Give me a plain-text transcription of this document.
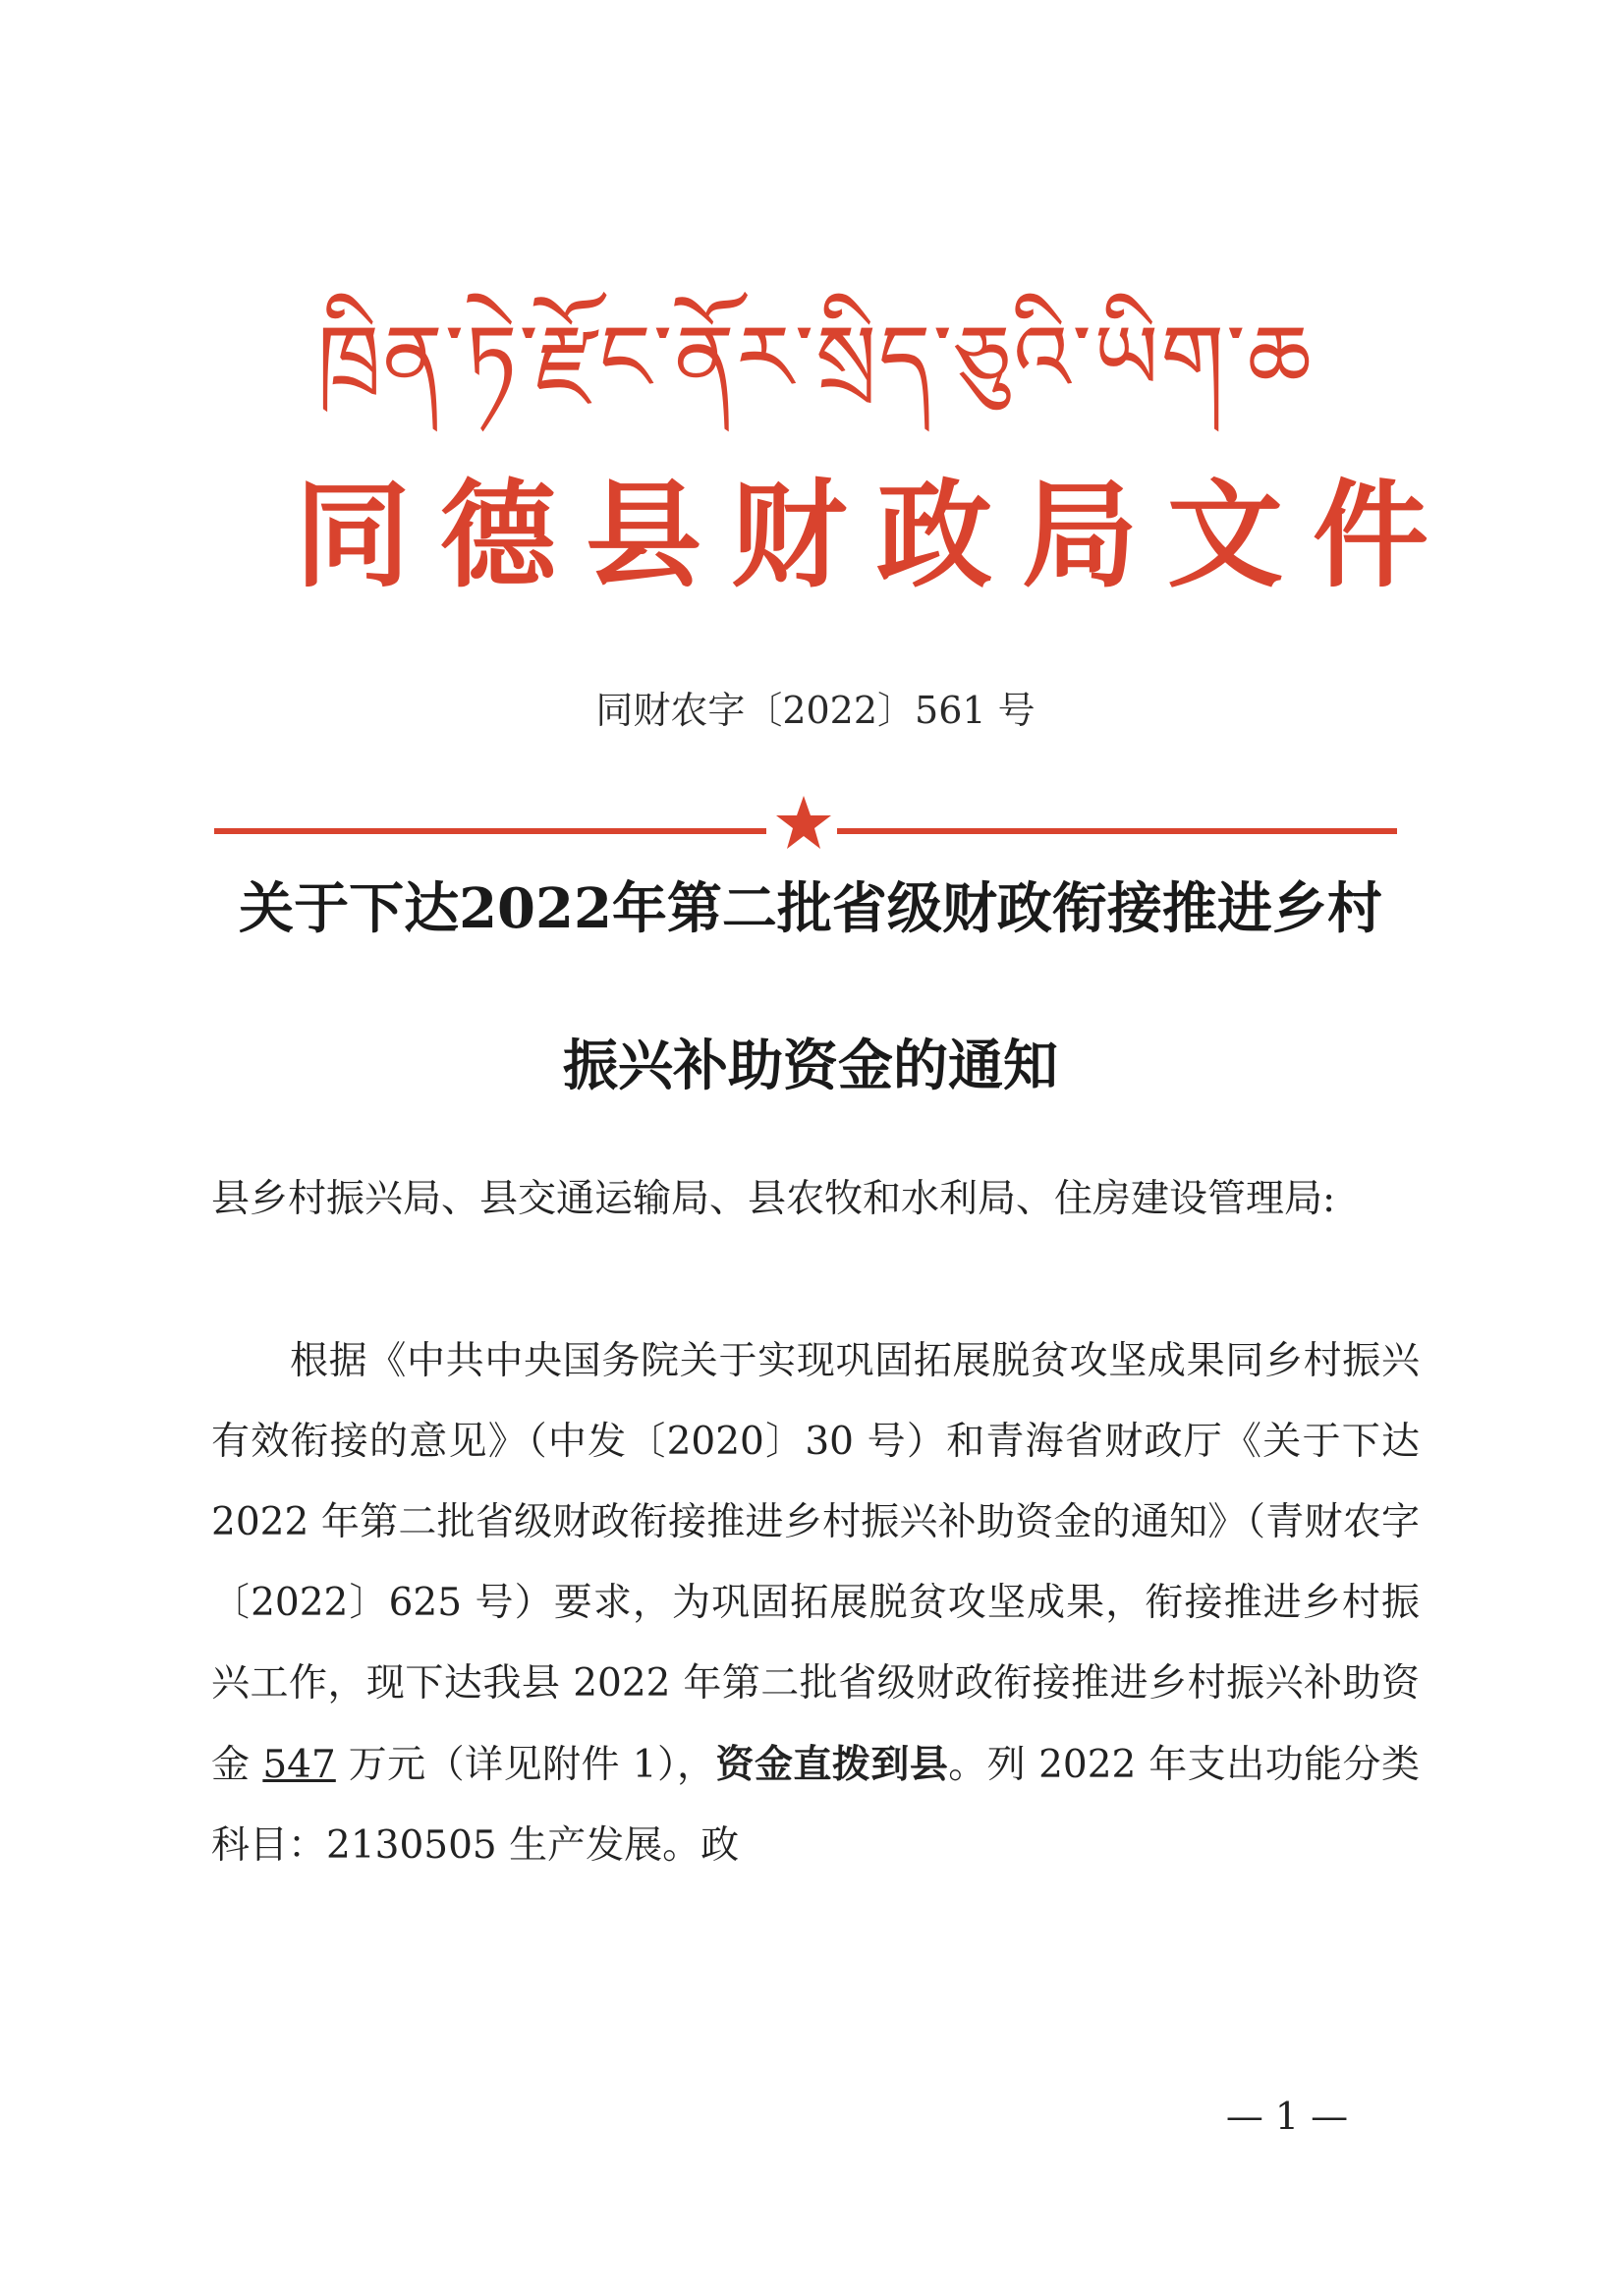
ཁྲིན་ཏེ་རྫོང་ནོར་སྲིད་ཅུའི་ཡིག་ཆ
同德县财政局文件
同财农字〔2022〕561 号
关于下达2022年第二批省级财政衔接推进乡村
振兴补助资金的通知
县乡村振兴局、县交通运输局、县农牧和水利局、住房建设管理局:
根据《中共中央国务院关于实现巩固拓展脱贫攻坚成果同乡村振兴有效衔接的意见》（中发〔2020〕30 号）和青海省财政厅《关于下达 2022 年第二批省级财政衔接推进乡村振兴补助资金的通知》（青财农字〔2022〕625 号）要求，为巩固拓展脱贫攻坚成果，衔接推进乡村振兴工作，现下达我县 2022 年第二批省级财政衔接推进乡村振兴补助资金 547 万元（详见附件 1），资金直拨到县。列 2022 年支出功能分类科目：2130505 生产发展。政
— 1 —
